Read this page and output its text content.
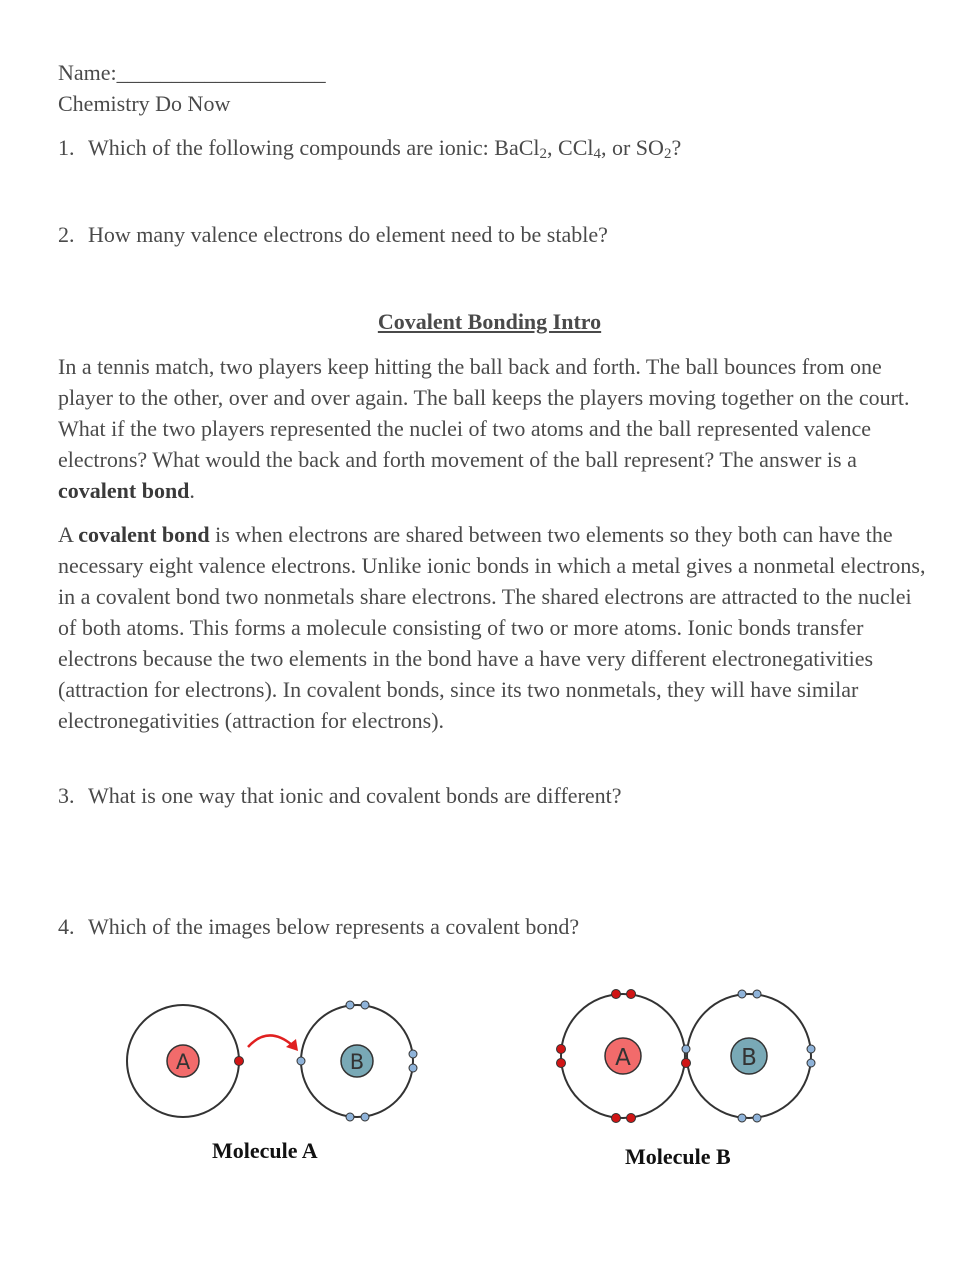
Name:___________________
Chemistry Do Now
1. Which of the following compounds are ionic: BaCl$_2$, CCl$_4$, or $SO_2$?
2. How many valence electrons do element need to be stable?
Covalent Bonding Intro

In a tennis match, two players keep hitting the ball back and forth. The ball bounces from one player to the other, over and over again. The ball keeps the players moving together on the court. What if the two players represented the nuclei of two atoms and the ball represented valence electrons? What would the back and forth movement of the ball represent? The answer is a covalent bond.

A covalent bond is when electrons are shared between two elements so they both can have the necessary eight valence electrons. Unlike ionic bonds in which a metal gives a nonmetal electrons, in a covalent bond two nonmetals share electrons. The shared electrons are attracted to the nuclei of both atoms. This forms a molecule consisting of two or more atoms. Ionic bonds transfer electrons because the two elements in the bond have a have very different electronegativities (attraction for electrons). In covalent bonds, since its two nonmetals, they will have similar electronegativities (attraction for electrons).

3. What is one way that ionic and covalent bonds are different?
4. Which of the images below represents a covalent bond?
A	B
Molecule A
A	B
Molecule B
